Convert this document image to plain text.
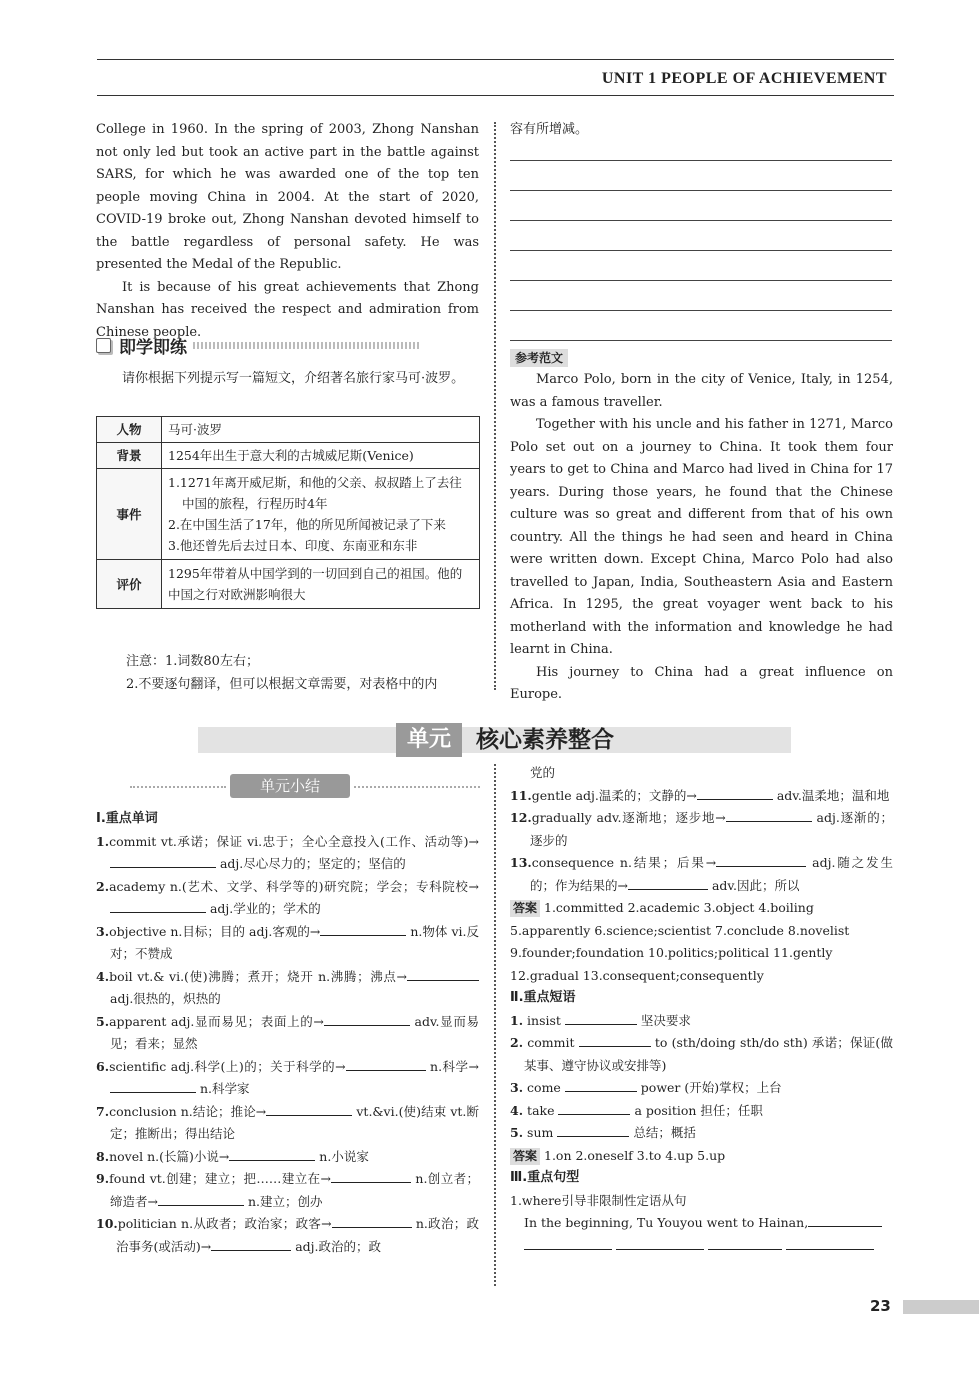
UNIT 1 PEOPLE OF ACHIEVEMENT

College in 1960. In the spring of 2003, Zhong Nanshan not only led but took an active part in the battle against SARS, for which he was awarded one of the top ten people moving China in 2004. At the start of 2020, COVID-19 broke out, Zhong Nanshan devoted himself to the battle regardless of personal safety. He was presented the Medal of the Republic.

It is because of his great achievements that Zhong Nanshan has received the respect and admiration from Chinese people.

即学即练

请你根据下列提示写一篇短文，介绍著名旅行家马可·波罗。

人物	马可·波罗
背景	1254年出生于意大利的古城威尼斯(Venice)
事件	1.1271年离开威尼斯，和他的父亲、叔叔踏上了去往中国的旅程，行程历时4年
2.在中国生活了17年，他的所见所闻被记录了下来
3.他还曾先后去过日本、印度、东南亚和东非

评价	1295年带着从中国学到的一切回到自己的祖国。他的中国之行对欧洲影响很大

注意：1.词数80左右；

2.不要逐句翻译，但可以根据文章需要，对表格中的内

容有所增减。

参考范文

Marco Polo, born in the city of Venice, Italy, in 1254, was a famous traveller.

Together with his uncle and his father in 1271, Marco Polo set out on a journey to China. It took them four years to get to China and Marco had lived in China for 17 years. During those years, he found that the Chinese culture was so great and different from that of his own country. All the things he had seen and heard in China were written down. Except China, Marco Polo had also travelled to Japan, India, Southeastern Asia and Eastern Africa. In 1295, the great voyager went back to his motherland with the information and knowledge he had learnt in China.

His journey to China had a great influence on Europe.

单元	核心素养整合
单元小结

Ⅰ.重点单词

1.commit vt.承诺；保证 vi.忠于；全心全意投入(工作、活动等)→ adj.尽心尽力的；坚定的；坚信的

2.academy n.(艺术、文学、科学等的)研究院；学会；专科院校→ adj.学业的；学术的

3.objective n.目标；目的 adj.客观的→	n.物体 vi.反对；不赞成

4.boil vt.& vi.(使)沸腾；煮开；烧开 n.沸腾；沸点→ adj.很热的，炽热的

5.apparent adj.显而易见；表面上的→	adv.显而易见；看来；显然

6.scientific adj.科学(上)的；关于科学的→	n.科学→ n.科学家

7.conclusion n.结论；推论→	vt.&vi.(使)结束 vt.断定；推断出；得出结论

8.novel n.(长篇)小说→	n.小说家

9.found vt.创建；建立；把……建立在→	n.创立者；缔造者→	n.建立；创办

10.politician n.从政者；政治家；政客→	n.政治；政治事务(或活动)→	adj.政治的；政

党的

11.gentle adj.温柔的；文静的→	adv.温柔地；温和地

12.gradually adv.逐渐地；逐步地→	adj.逐渐的；逐步的

13.consequence n.结果；后果→	adj.随之发生的；作为结果的→	adv.因此；所以

答案 1.committed 2.academic 3.object 4.boiling 5.apparently 6.science;scientist 7.conclude 8.novelist 9.founder;foundation 10.politics;political 11.gently 12.gradual 13.consequent;consequently

Ⅱ.重点短语

1. insist	坚决要求

2. commit	to (sth/doing sth/do sth) 承诺；保证(做某事、遵守协议或安排等)

3. come	power (开始)掌权；上台

4. take	a position 担任；任职

5. sum	总结；概括

答案 1.on 2.oneself 3.to 4.up 5.up

Ⅲ.重点句型

1.where引导非限制性定语从句

In the beginning, Tu Youyou went to Hainan,

23
